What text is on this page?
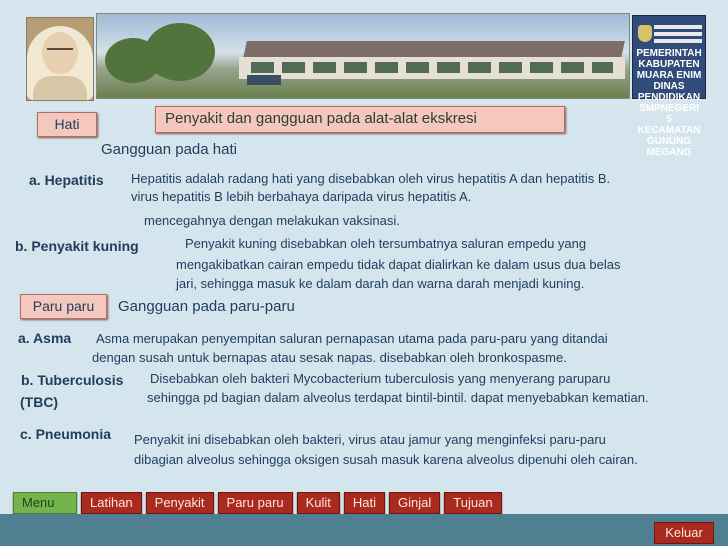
PEMERINTAH KABUPATEN MUARA ENIM DINAS PENDIDIKAN SMPNEGERI 5 KECAMATAN GUNUNG MEGANG
Hati	Penyakit dan gangguan pada alat-alat ekskresi
Gangguan pada hati
a. Hepatitis Hepatitis adalah radang hati yang disebabkan oleh virus hepatitis A dan hepatitis B.
virus hepatitis B lebih berbahaya daripada virus hepatitis A.
mencegahnya dengan melakukan vaksinasi.
b. Penyakit kuning	Penyakit kuning disebabkan oleh tersumbatnya saluran empedu yang
mengakibatkan cairan empedu tidak dapat dialirkan ke dalam usus dua belas
jari, sehingga masuk ke dalam darah dan warna darah menjadi kuning.
Paru paru	Gangguan pada paru-paru
a. Asma Asma merupakan penyempitan saluran pernapasan utama pada paru-paru yang ditandai
dengan susah untuk bernapas atau sesak napas. disebabkan oleh bronkospasme.
b. Tuberculosis
(TBC)
Disebabkan oleh bakteri Mycobacterium tuberculosis yang menyerang paruparu
sehingga pd bagian dalam alveolus terdapat bintil-bintil. dapat menyebabkan kematian.
c. Pneumonia Penyakit ini disebabkan oleh bakteri, virus atau jamur yang menginfeksi paru-paru
dibagian alveolus sehingga oksigen susah masuk karena alveolus dipenuhi oleh cairan.
Menu	Latihan	Penyakit	Paru paru	Kulit	Hati	Ginjal	Tujuan
Keluar
